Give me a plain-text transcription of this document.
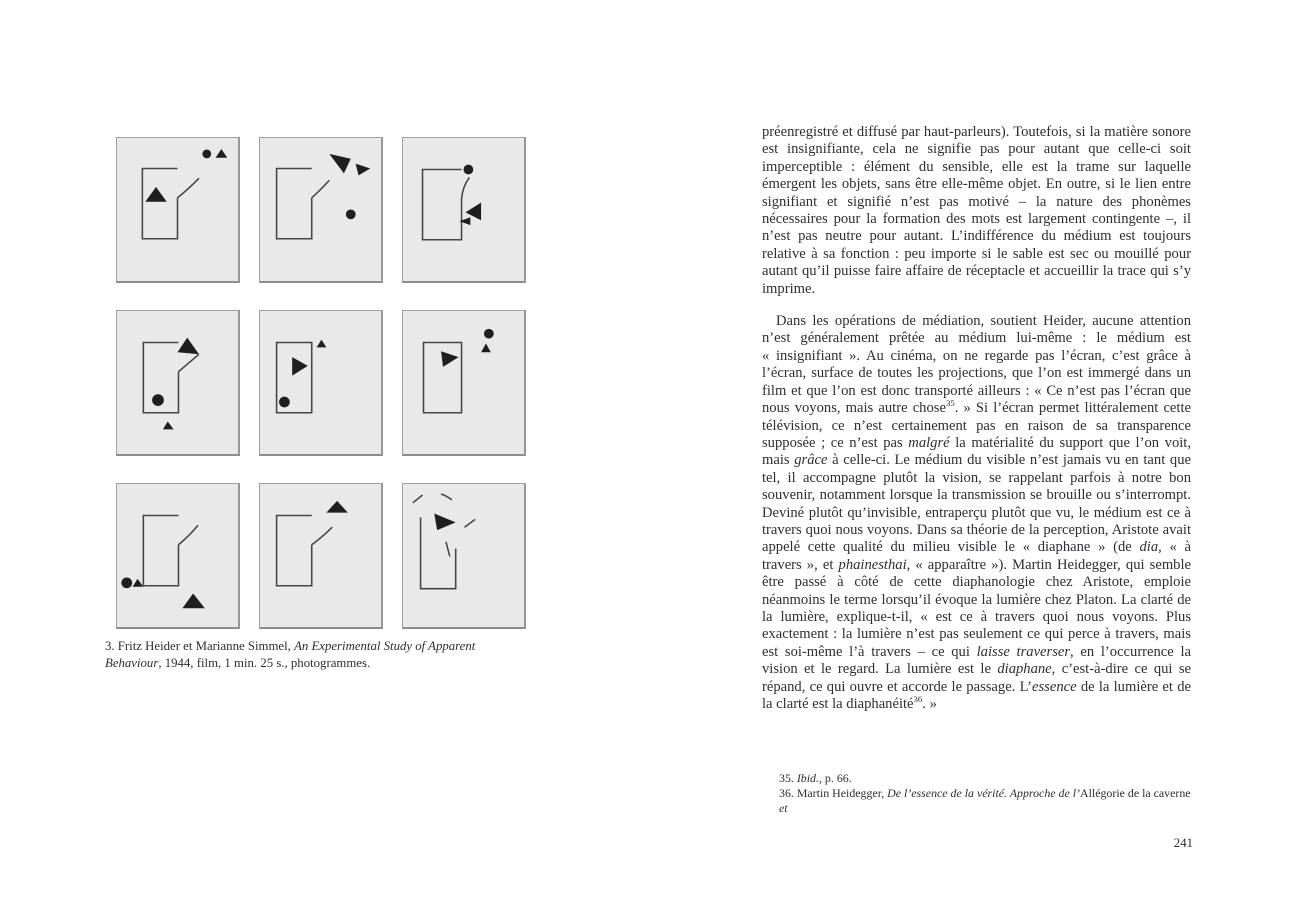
3. Fritz Heider et Marianne Simmel, An Experimental Study of Apparent Behaviour, 1944, film, 1 min. 25 s., photogrammes.

préenregistré et diffusé par haut-parleurs). Toutefois, si la matière sonore est insignifiante, cela ne signifie pas pour autant que celle-ci soit imperceptible : élément du sensible, elle est la trame sur laquelle émergent les objets, sans être elle-même objet. En outre, si le lien entre signifiant et signifié n’est pas motivé – la nature des phonèmes nécessaires pour la formation des mots est largement contingente –, il n’est pas neutre pour autant. L’indifférence du médium est toujours relative à sa fonction : peu importe si le sable est sec ou mouillé pour autant qu’il puisse faire affaire de réceptacle et accueillir la trace qui s’y imprime.

Dans les opérations de médiation, soutient Heider, aucune attention n’est généralement prêtée au médium lui-même : le médium est « insignifiant ». Au cinéma, on ne regarde pas l’écran, c’est grâce à l’écran, surface de toutes les projections, que l’on est immergé dans un film et que l’on est donc transporté ailleurs : « Ce n’est pas l’écran que nous voyons, mais autre chose$^{35}$. » Si l’écran permet littéralement cette télévision, ce n’est certainement pas en raison de sa transparence supposée ; ce n’est pas malgré la matérialité du support que l’on voit, mais grâce à celle-ci. Le médium du visible n’est jamais vu en tant que tel, il accompagne plutôt la vision, se rappelant parfois à notre bon souvenir, notamment lorsque la transmission se brouille ou s’interrompt. Deviné plutôt qu’invisible, entraperçu plutôt que vu, le médium est ce à travers quoi nous voyons. Dans sa théorie de la perception, Aristote avait appelé cette qualité du milieu visible le « diaphane » (de dia, « à travers », et phainesthai, « apparaître »). Martin Heidegger, qui semble être passé à côté de cette diaphanologie chez Aristote, emploie néanmoins le terme lorsqu’il évoque la lumière chez Platon. La clarté de la lumière, explique-t-il, « est ce à travers quoi nous voyons. Plus exactement : la lumière n’est pas seulement ce qui perce à travers, mais est soi-même l’à travers – ce qui laisse traverser, en l’occurrence la vision et le regard. La lumière est le diaphane, c’est-à-dire ce qui se répand, ce qui ouvre et accorde le passage. L’essence de la lumière et de la clarté est la diaphanéité$^{36}$. »

35. Ibid., p. 66.

36. Martin Heidegger, De l’essence de la vérité. Approche de l’Allégorie de la caverne et

241
